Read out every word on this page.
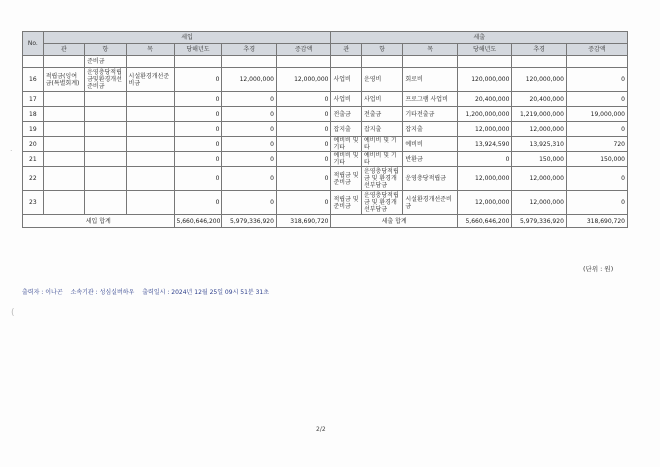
No.	세입						세출					
	관	항	목	당해년도	추경	증감액	관	항	목	당해년도	추경	증감액
		준비금										
16	적립금(잉여금(특별회계)	운영충당적립금및환경개선준비금	시설환경개선준비금	0	12,000,000	12,000,000	사업비	운영비	회로비	120,000,000	120,000,000	0
17				0	0	0	사업비	사업비	프로그램 사업비	20,400,000	20,400,000	0
18				0	0	0	전출금	전출금	기타전출금	1,200,000,000	1,219,000,000	19,000,000
19				0	0	0	잡지출	잡지출	잡지출	12,000,000	12,000,000	0
20				0	0	0	예비비 및 기타	예비비 및 기타	예비비	13,924,590	13,925,310	720
21				0	0	0	예비비 및 기타	예비비 및 기타	반환금	0	150,000	150,000
22				0	0	0	적립금 및 준비금	운영충당적립금 및 환경개선부담금	운영충당적립금	12,000,000	12,000,000	0
23				0	0	0	적립금 및 준비금	운영충당적립금 및 환경개선부담금	시설환경개선준비금	12,000,000	12,000,000	0
세입 합계				5,660,646,200	5,979,336,920	318,690,720	세출 합계			5,660,646,200	5,979,336,920	318,690,720
(단위 : 원)
출력자 : 이나곤 소속기관 : 성심실버하우 출력일시 : 2024년 12월 25일 09시 51분 31초
2/2
˙
(
